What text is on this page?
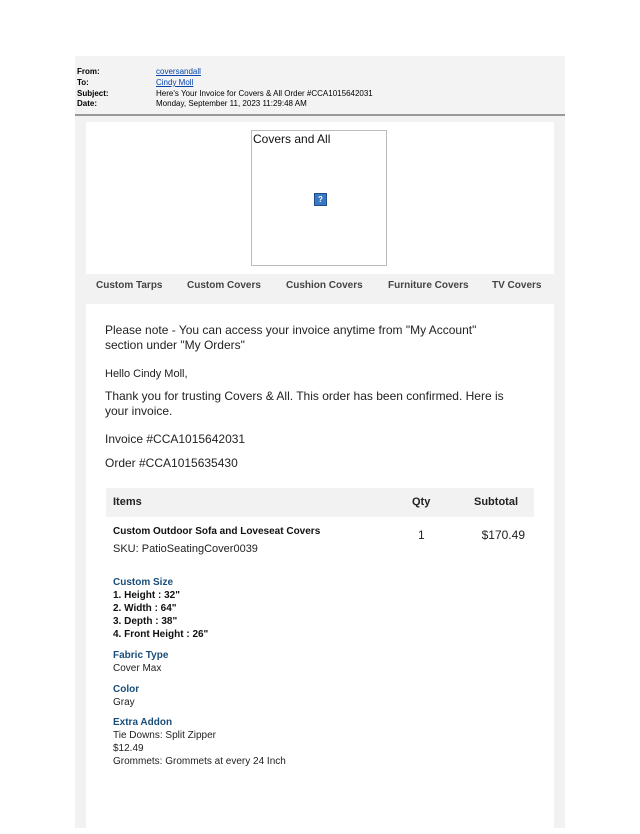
From:	coversandall
To:	Cindy Moll
Subject:	Here's Your Invoice for Covers & All Order #CCA1015642031
Date:	Monday, September 11, 2023 11:29:48 AM
Covers and All
?
Custom Tarps Custom Covers	Cushion Covers	Furniture Covers TV Covers
Please note - You can access your invoice anytime from "My Account"
section under "My Orders"
Hello Cindy Moll,
Thank you for trusting Covers & All. This order has been confirmed. Here is
your invoice.
Invoice #CCA1015642031
Order #CCA1015635430
Items	Qty	Subtotal
Custom Outdoor Sofa and Loveseat Covers
SKU: PatioSeatingCover0039
1	$170.49
Custom Size
1. Height : 32"
2. Width : 64"
3. Depth : 38"
4. Front Height : 26"
Fabric Type
Cover Max
Color
Gray
Extra Addon
Tie Downs: Split Zipper
$12.49
Grommets: Grommets at every 24 Inch
